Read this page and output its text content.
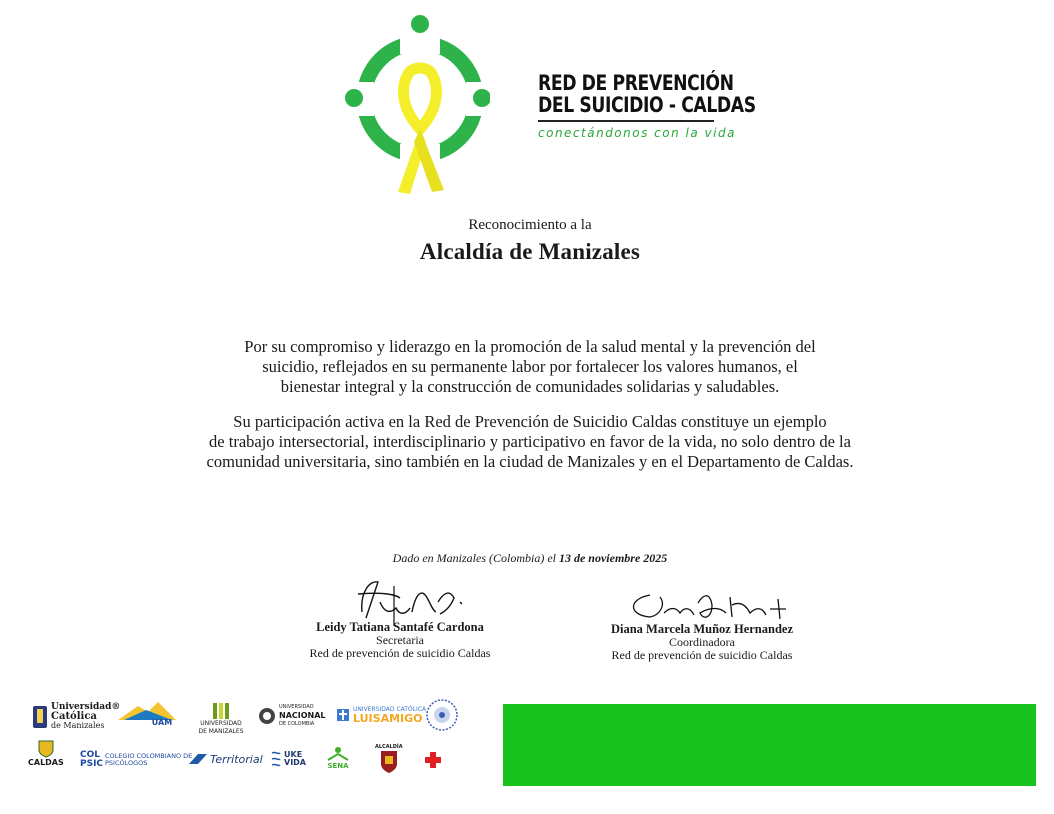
RED DE PREVENCIÓN
DEL SUICIDIO - CALDAS
conectándonos con la vida
Reconocimiento a la
Alcaldía de Manizales
Por su compromiso y liderazgo en la promoción de la salud mental y la prevención del
suicidio, reflejados en su permanente labor por fortalecer los valores humanos, el
bienestar integral y la construcción de comunidades solidarias y saludables.
Su participación activa en la Red de Prevención de Suicidio Caldas constituye un ejemplo
de trabajo intersectorial, interdisciplinario y participativo en favor de la vida, no solo dentro de la
comunidad universitaria, sino también en la ciudad de Manizales y en el Departamento de Caldas.
Dado en Manizales (Colombia) el 13 de noviembre 2025
Leidy Tatiana Santafé Cardona
Secretaria
Red de prevención de suicidio Caldas
Diana Marcela Muñoz Hernandez
Coordinadora
Red de prevención de suicidio Caldas
Universidad®
Católica
de Manizales	UAM	UNIVERSIDAD DE MANIZALES
UNIVERSIDAD
NACIONAL
DE COLOMBIA
UNIVERSIDAD CATÓLICA
LUISAMIGO
CALDAS
COL PSIC
COLEGIO COLOMBIANO DE
PSICÓLOGOS	Territorial	UKE VIDA	SENA
ALCALDÍA
